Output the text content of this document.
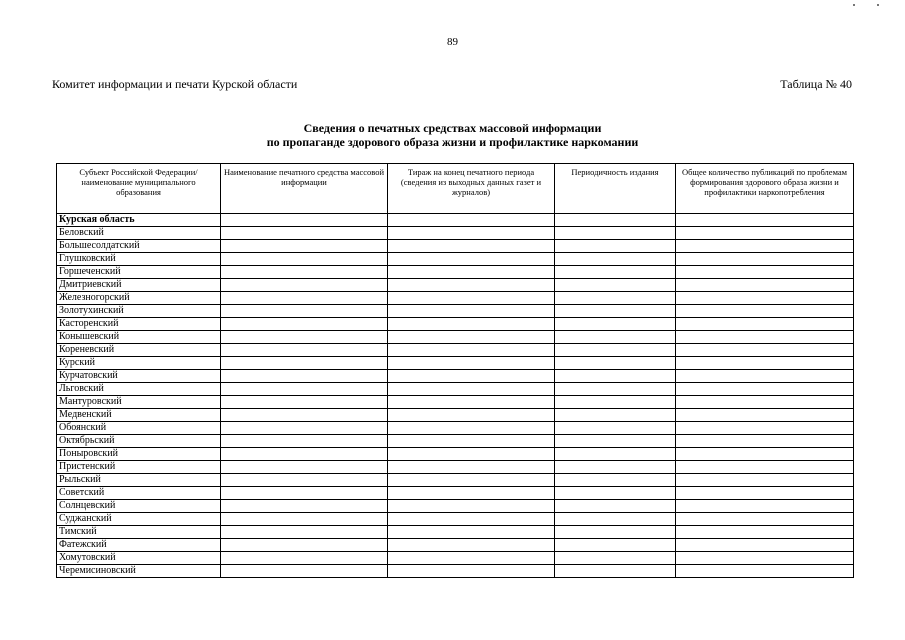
89
Комитет информации и печати Курской области	Таблица № 40
Сведения о печатных средствах массовой информации
по пропаганде здорового образа жизни и профилактике наркомании
Субъект Российской Федерации/наименование муниципального образования	Наименование печатного средства массовой информации	Тираж на конец печатного периода (сведения из выходных данных газет и журналов)	Периодичность издания	Общее количество публикаций по проблемам формирования здорового образа жизни и профилактики наркопотребления
Курская область				
Беловский				
Большесолдатский				
Глушковский				
Горшеченский				
Дмитриевский				
Железногорский				
Золотухинский				
Касторенский				
Конышевский				
Кореневский				
Курский				
Курчатовский				
Льговский				
Мантуровский				
Медвенский				
Обоянский				
Октябрьский				
Поныровский				
Пристенский				
Рыльский				
Советский				
Солнцевский				
Суджанский				
Тимский				
Фатежский				
Хомутовский				
Черемисиновский				
